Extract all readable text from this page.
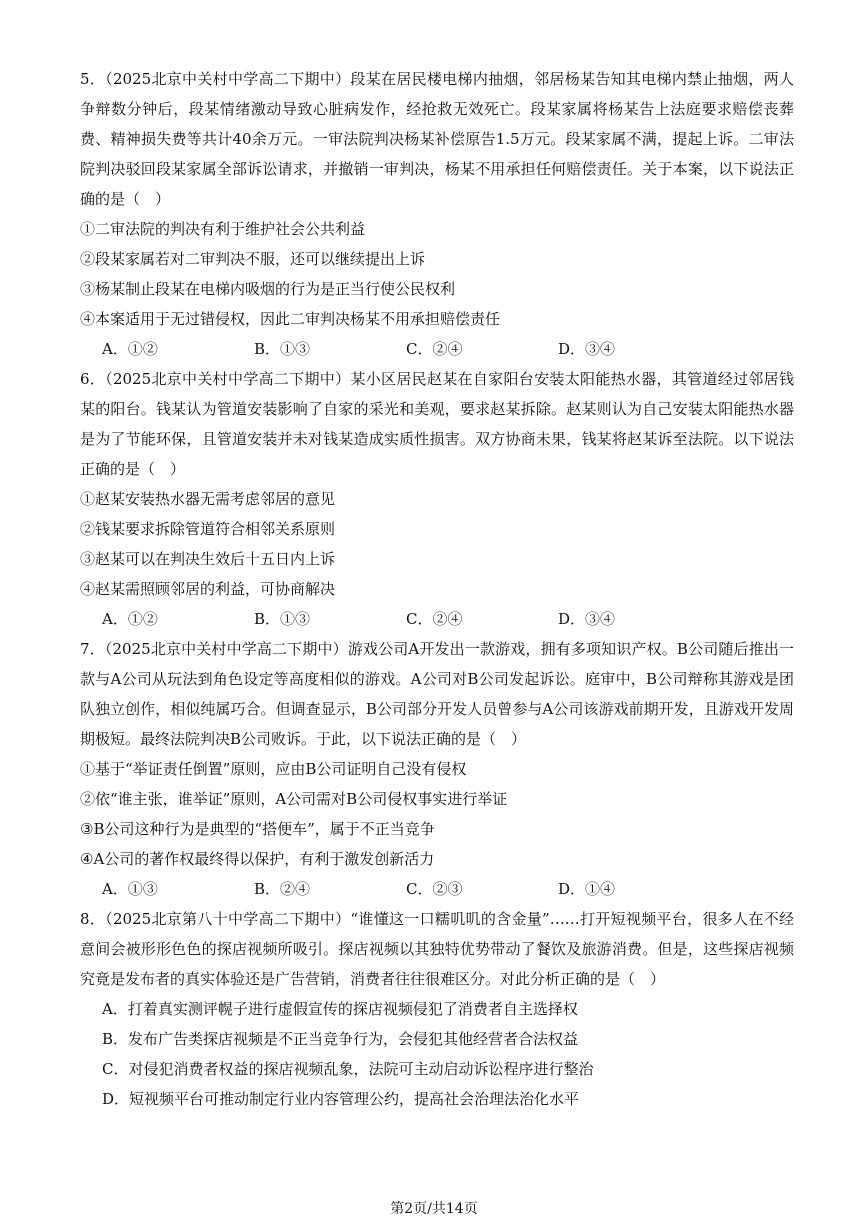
5．（2025北京中关村中学高二下期中）段某在居民楼电梯内抽烟，邻居杨某告知其电梯内禁止抽烟，两人争辩数分钟后，段某情绪激动导致心脏病发作，经抢救无效死亡。段某家属将杨某告上法庭要求赔偿丧葬费、精神损失费等共计40余万元。一审法院判决杨某补偿原告1.5万元。段某家属不满，提起上诉。二审法院判决驳回段某家属全部诉讼请求，并撤销一审判决，杨某不用承担任何赔偿责任。关于本案，以下说法正确的是（　）

①二审法院的判决有利于维护社会公共利益

②段某家属若对二审判决不服，还可以继续提出上诉

③杨某制止段某在电梯内吸烟的行为是正当行使公民权利

④本案适用于无过错侵权，因此二审判决杨某不用承担赔偿责任

A．①②	B．①③	C．②④	D．③④

6．（2025北京中关村中学高二下期中）某小区居民赵某在自家阳台安装太阳能热水器，其管道经过邻居钱某的阳台。钱某认为管道安装影响了自家的采光和美观，要求赵某拆除。赵某则认为自己安装太阳能热水器是为了节能环保，且管道安装并未对钱某造成实质性损害。双方协商未果，钱某将赵某诉至法院。以下说法正确的是（　）

①赵某安装热水器无需考虑邻居的意见

②钱某要求拆除管道符合相邻关系原则

③赵某可以在判决生效后十五日内上诉

④赵某需照顾邻居的利益，可协商解决

A．①②	B．①③	C．②④	D．③④

7．（2025北京中关村中学高二下期中）游戏公司A开发出一款游戏，拥有多项知识产权。B公司随后推出一款与A公司从玩法到角色设定等高度相似的游戏。A公司对B公司发起诉讼。庭审中，B公司辩称其游戏是团队独立创作，相似纯属巧合。但调查显示，B公司部分开发人员曾参与A公司该游戏前期开发，且游戏开发周期极短。最终法院判决B公司败诉。于此，以下说法正确的是（　）

①基于“举证责任倒置”原则，应由B公司证明自己没有侵权

②依“谁主张，谁举证”原则，A公司需对B公司侵权事实进行举证

③B公司这种行为是典型的“搭便车”，属于不正当竞争

④A公司的著作权最终得以保护，有利于激发创新活力

A．①③	B．②④	C．②③	D．①④

8．（2025北京第八十中学高二下期中）“谁懂这一口糯叽叽的含金量”……打开短视频平台，很多人在不经意间会被形形色色的探店视频所吸引。探店视频以其独特优势带动了餐饮及旅游消费。但是，这些探店视频究竟是发布者的真实体验还是广告营销，消费者往往很难区分。对此分析正确的是（　）

A．打着真实测评幌子进行虚假宣传的探店视频侵犯了消费者自主选择权

B．发布广告类探店视频是不正当竞争行为，会侵犯其他经营者合法权益

C．对侵犯消费者权益的探店视频乱象，法院可主动启动诉讼程序进行整治

D．短视频平台可推动制定行业内容管理公约，提高社会治理法治化水平

第2页/共14页
